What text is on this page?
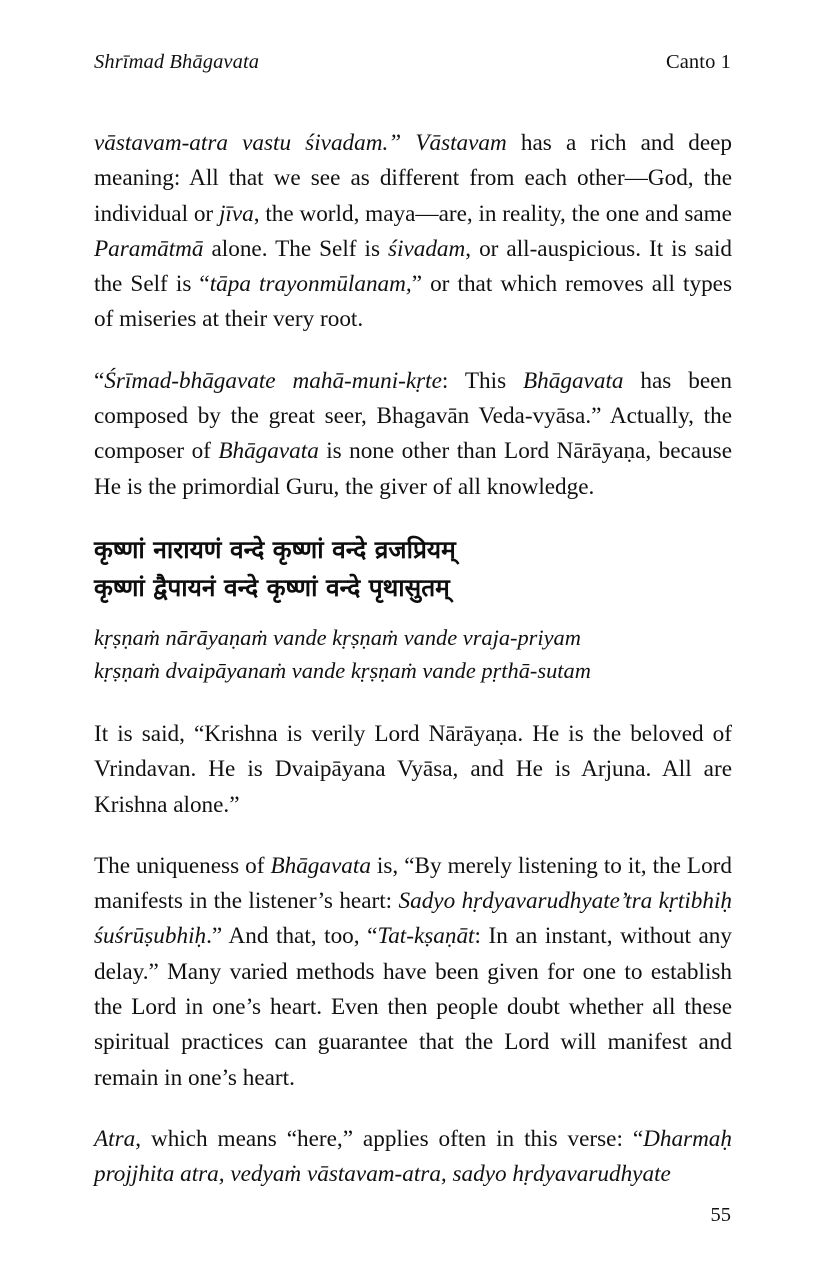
Shrīmad Bhāgavata	Canto 1

vāstavam-atra vastu śivadam.” Vāstavam has a rich and deep meaning: All that we see as different from each other—God, the individual or jīva, the world, maya—are, in reality, the one and same Paramātmā alone. The Self is śivadam, or all-auspicious. It is said the Self is “tāpa trayonmūlanam,” or that which removes all types of miseries at their very root.

“Śrīmad-bhāgavate mahā-muni-kṛte: This Bhāgavata has been composed by the great seer, Bhagavān Veda-vyāsa.” Actually, the composer of Bhāgavata is none other than Lord Nārāyaṇa, because He is the primordial Guru, the giver of all knowledge.

कृष्णां नारायणं वन्दे कृष्णां वन्दे व्रजप्रियम्
कृष्णां द्वैपायनं वन्दे कृष्णां वन्दे पृथासुतम्
kṛṣṇaṁ nārāyaṇaṁ vande kṛṣṇaṁ vande vraja-priyam
kṛṣṇaṁ dvaipāyanaṁ vande kṛṣṇaṁ vande pṛthā-sutam

It is said, “Krishna is verily Lord Nārāyaṇa. He is the beloved of Vrindavan. He is Dvaipāyana Vyāsa, and He is Arjuna. All are Krishna alone.”

The uniqueness of Bhāgavata is, “By merely listening to it, the Lord manifests in the listener’s heart: Sadyo hṛdyavarudhyate’tra kṛtibhiḥ śuśrūṣubhiḥ.” And that, too, “Tat-kṣaṇāt: In an instant, without any delay.” Many varied methods have been given for one to establish the Lord in one’s heart. Even then people doubt whether all these spiritual practices can guarantee that the Lord will manifest and remain in one’s heart.

Atra, which means “here,” applies often in this verse: “Dharmaḥ projjhita atra, vedyaṁ vāstavam-atra, sadyo hṛdyavarudhyate

55
